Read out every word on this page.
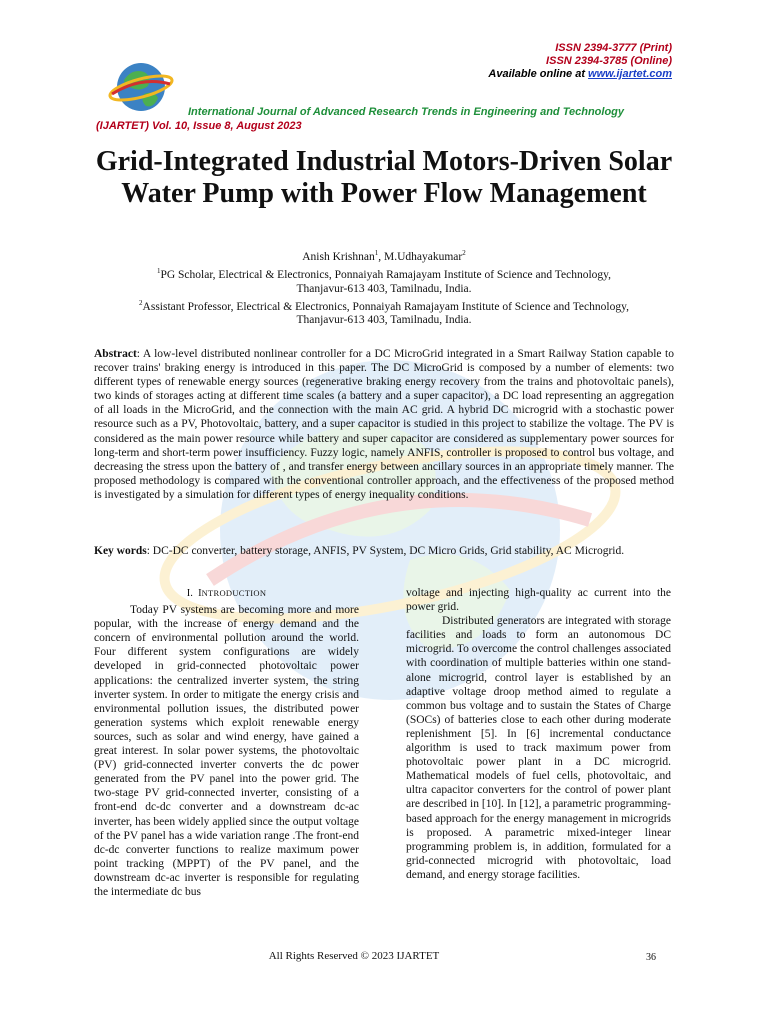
ISSN 2394-3777 (Print)
ISSN 2394-3785 (Online)
Available online at www.ijartet.com
International Journal of Advanced Research Trends in Engineering and Technology
(IJARTET) Vol. 10, Issue 8, August 2023
Grid-Integrated Industrial Motors-Driven Solar Water Pump with Power Flow Management
Anish Krishnan$^1$, M.Udhayakumar$^2$
$^1$PG Scholar, Electrical & Electronics, Ponnaiyah Ramajayam Institute of Science and Technology,
Thanjavur-613 403, Tamilnadu, India.
$^2$Assistant Professor, Electrical & Electronics, Ponnaiyah Ramajayam Institute of Science and Technology,
Thanjavur-613 403, Tamilnadu, India.

Abstract: A low-level distributed nonlinear controller for a DC MicroGrid integrated in a Smart Railway Station capable to recover trains' braking energy is introduced in this paper. The DC MicroGrid is composed by a number of elements: two different types of renewable energy sources (regenerative braking energy recovery from the trains and photovoltaic panels), two kinds of storages acting at different time scales (a battery and a super capacitor), a DC load representing an aggregation of all loads in the MicroGrid, and the connection with the main AC grid. A hybrid DC microgrid with a stochastic power resource such as a PV, Photovoltaic, battery, and a super capacitor is studied in this project to stabilize the voltage. The PV is considered as the main power resource while battery and super capacitor are considered as supplementary power sources for long-term and short-term power insufficiency. Fuzzy logic, namely ANFIS, controller is proposed to control bus voltage, and decreasing the stress upon the battery of , and transfer energy between ancillary sources in an appropriate timely manner. The proposed methodology is compared with the conventional controller approach, and the effectiveness of the proposed method is investigated by a simulation for different types of energy inequality conditions.

Key words: DC-DC converter, battery storage, ANFIS, PV System, DC Micro Grids, Grid stability, AC Microgrid.

I. INTRODUCTION

Today PV systems are becoming more and more popular, with the increase of energy demand and the concern of environmental pollution around the world. Four different system configurations are widely developed in grid-connected photovoltaic power applications: the centralized inverter system, the string inverter system. In order to mitigate the energy crisis and environmental pollution issues, the distributed power generation systems which exploit renewable energy sources, such as solar and wind energy, have gained a great interest. In solar power systems, the photovoltaic (PV) grid-connected inverter converts the dc power generated from the PV panel into the power grid. The two-stage PV grid-connected inverter, consisting of a front-end dc-dc converter and a downstream dc-ac inverter, has been widely applied since the output voltage of the PV panel has a wide variation range .The front-end dc-dc converter functions to realize maximum power point tracking (MPPT) of the PV panel, and the downstream dc-ac inverter is responsible for regulating the intermediate dc bus

voltage and injecting high-quality ac current into the power grid.

Distributed generators are integrated with storage facilities and loads to form an autonomous DC microgrid. To overcome the control challenges associated with coordination of multiple batteries within one stand-alone microgrid, control layer is established by an adaptive voltage droop method aimed to regulate a common bus voltage and to sustain the States of Charge (SOCs) of batteries close to each other during moderate replenishment [5]. In [6] incremental conductance algorithm is used to track maximum power from photovoltaic power plant in a DC microgrid. Mathematical models of fuel cells, photovoltaic, and ultra capacitor converters for the control of power plant are described in [10]. In [12], a parametric programming-based approach for the energy management in microgrids is proposed. A parametric mixed-integer linear programming problem is, in addition, formulated for a grid-connected microgrid with photovoltaic, load demand, and energy storage facilities.

All Rights Reserved © 2023 IJARTET	36
